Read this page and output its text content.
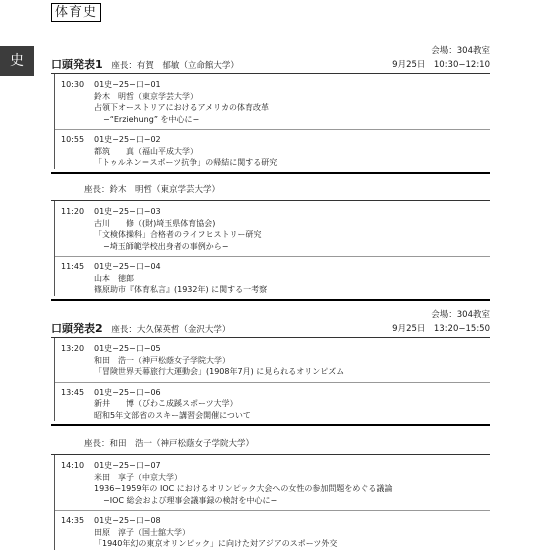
体育史
史
会場：304教室
口頭発表1 座長：有賀　郁敏（立命館大学）	9月25日　10:30−12:10
10:30 01史−25−口−01
鈴木　明哲（東京学芸大学）
占領下オーストリアにおけるアメリカの体育改革
−“Erziehung” を中心に−
10:55 01史−25−口−02
都筑　　真（福山平成大学）
「トゥルネン＝スポーツ抗争」の帰結に関する研究
座長：鈴木　明哲（東京学芸大学）
11:20 01史−25−口−03
古川　　修（(財)埼玉県体育協会)
「文検体操科」合格者のライフヒストリー研究
−埼玉師範学校出身者の事例から−
11:45 01史−25−口−04
山本　徳郎
篠原助市『体育私言』(1932年) に関する一考察
会場：304教室
口頭発表2 座長：大久保英哲（金沢大学）	9月25日　13:20−15:50
13:20 01史−25−口−05
和田　浩一（神戸松蔭女子学院大学）
「冒険世界天幕旅行大運動会」(1908年7月) に見られるオリンピズム
13:45 01史−25−口−06
新井　　博（びわこ成蹊スポーツ大学）
昭和5年文部省のスキー講習会開催について
座長：和田　浩一（神戸松蔭女子学院大学）
14:10 01史−25−口−07
米田　享子（中京大学）
1936−1959年の IOC におけるオリンピック大会への女性の参加問題をめぐる議論
−IOC 総会および理事会議事録の検討を中心に−
14:35 01史−25−口−08
田原　淳子（国士舘大学）
「1940年幻の東京オリンピック」に向けた対アジアのスポーツ外交
